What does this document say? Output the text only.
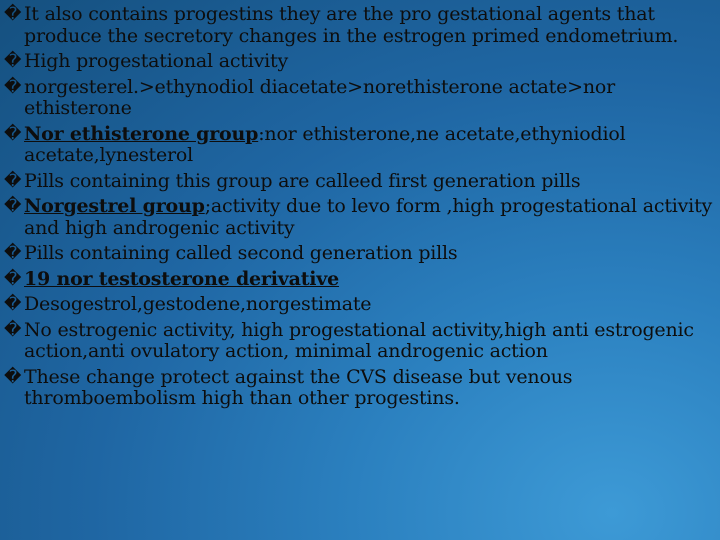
� It also contains progestins they are the pro gestational agents that produce the secretory changes in the estrogen primed endometrium.
� High progestational activity
� norgesterel.>ethynodiol diacetate>norethisterone actate>nor ethisterone
� Nor ethisterone group:nor ethisterone,ne acetate,ethyniodiol acetate,lynesterol
� Pills containing this group are calleed first generation pills
� Norgestrel group;activity due to levo form ,high progestational activity and high androgenic activity
� Pills containing called second generation pills
� 19 nor testosterone derivative
� Desogestrol,gestodene,norgestimate
� No estrogenic activity, high progestational activity,high anti estrogenic action,anti ovulatory action, minimal androgenic action
� These change protect against the CVS disease but venous thromboembolism high than other progestins.
